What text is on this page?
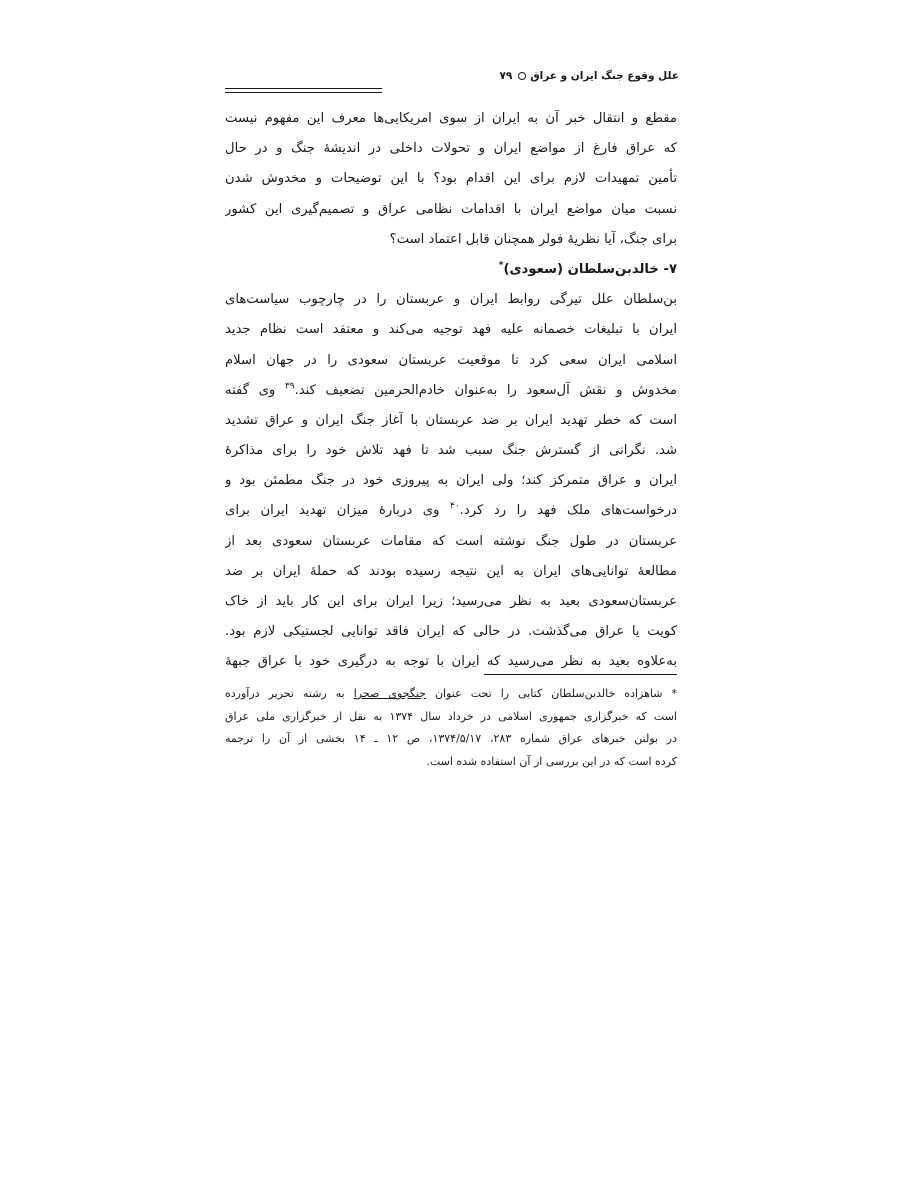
علل وقوع جنگ ایران و عراق۷۹
مقطع و انتقال خبر آن به ایران از سوی امریکایی‌ها معرف این مفهوم نیست
که عراق فارغ از مواضع ایران و تحولات داخلی در اندیشهٔ جنگ و در حال
تأمین تمهیدات لازم برای این اقدام بود؟ با این توضیحات و مخدوش شدن
نسبت میان مواضع ایران با اقدامات نظامی عراق و تصمیم‌گیری این کشور
برای جنگ، آیا نظریهٔ فولر همچنان قابل اعتماد است؟
۷- خالدبن‌سلطان (سعودی)*
بن‌سلطان علل تیرگی روابط ایران و عربستان را در چارچوب سیاست‌های
ایران با تبلیغات خصمانه علیه فهد توجیه می‌کند و معتقد است نظام جدید
اسلامی ایران سعی کرد تا موقعیت عربستان سعودی را در جهان اسلام
مخدوش و نقش آل‌سعود را به‌عنوان خادم‌الحرمین تضعیف کند.$^{۳۹}$ وی گفته
است که خطر تهدید ایران بر ضد عربستان با آغاز جنگ ایران و عراق تشدید
شد. نگرانی از گسترش جنگ سبب شد تا فهد تلاش خود را برای مذاکرهٔ
ایران و عراق متمرکز کند؛ ولی ایران به پیروزی خود در جنگ مطمئن بود و
درخواست‌های ملک فهد را رد کرد.$^{۴۰}$ وی دربارهٔ میزان تهدید ایران برای
عربستان در طول جنگ نوشته است که مقامات عربستان سعودی بعد از
مطالعهٔ توانایی‌های ایران به این نتیجه رسیده بودند که حملهٔ ایران بر ضد
عربستان‌سعودی بعید به نظر می‌رسید؛ زیرا ایران برای این کار باید از خاک
کویت یا عراق می‌گذشت. در حالی که ایران فاقد توانایی لجستیکی لازم بود.
به‌علاوه بعید به نظر می‌رسید که ایران با توجه به درگیری خود با عراق جبههٔ
* شاهزاده خالدبن‌سلطان کتابی را تحت عنوان جنگجوی صحرا به رشته تحریر درآورده
است که خبرگزاری جمهوری اسلامی در خرداد سال ۱۳۷۴ به نقل از خبرگزاری ملی عراق
در بولتن خبرهای عراق شماره ۲۸۳، ۱۳۷۴/۵/۱۷، ص ۱۲ ـ ۱۴ بخشی از آن را ترجمه
کرده است که در این بررسی از آن استفاده شده است.
